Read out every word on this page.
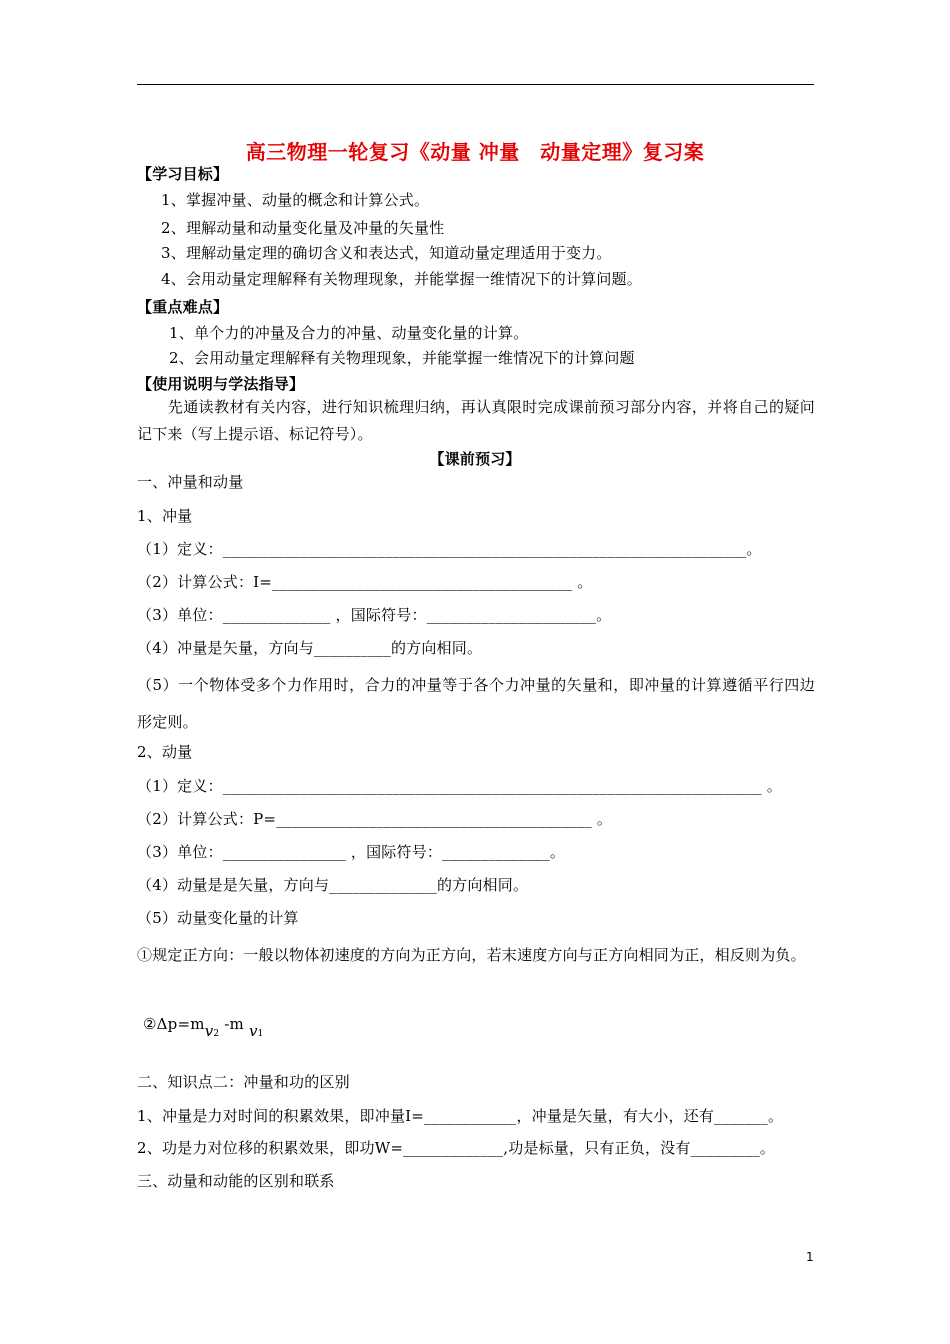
高三物理一轮复习《动量 冲量　动量定理》复习案
【学习目标】
1、掌握冲量、动量的概念和计算公式。
2、理解动量和动量变化量及冲量的矢量性
3、理解动量定理的确切含义和表达式，知道动量定理适用于变力。
4、会用动量定理解释有关物理现象，并能掌握一维情况下的计算问题。
【重点难点】
1、单个力的冲量及合力的冲量、动量变化量的计算。
2、会用动量定理解释有关物理现象，并能掌握一维情况下的计算问题
【使用说明与学法指导】
　　先通读教材有关内容，进行知识梳理归纳，再认真限时完成课前预习部分内容，并将自己的疑问记下来（写上提示语、标记符号）。
【课前预习】
一、冲量和动量
1、冲量
（1）定义：____________________________________________________________________。
（2）计算公式：I=_______________________________________ 。
（3）单位：______________ ，国际符号：______________________。
（4）冲量是矢量，方向与__________的方向相同。
（5）一个物体受多个力作用时，合力的冲量等于各个力冲量的矢量和，即冲量的计算遵循平行四边形定则。
2、动量
（1）定义：______________________________________________________________________ 。
（2）计算公式：P=_________________________________________ 。
（3）单位：________________ ，国际符号：______________。
（4）动量是是矢量，方向与______________的方向相同。
（5）动量变化量的计算
①规定正方向：一般以物体初速度的方向为正方向，若末速度方向与正方向相同为正，相反则为负。
②Δp=mv2 -m v1
二、知识点二：冲量和功的区别
1、冲量是力对时间的积累效果，即冲量I=____________，冲量是矢量，有大小，还有_______。
2、功是力对位移的积累效果，即功W=_____________,功是标量，只有正负，没有_________。
三、动量和动能的区别和联系
1
